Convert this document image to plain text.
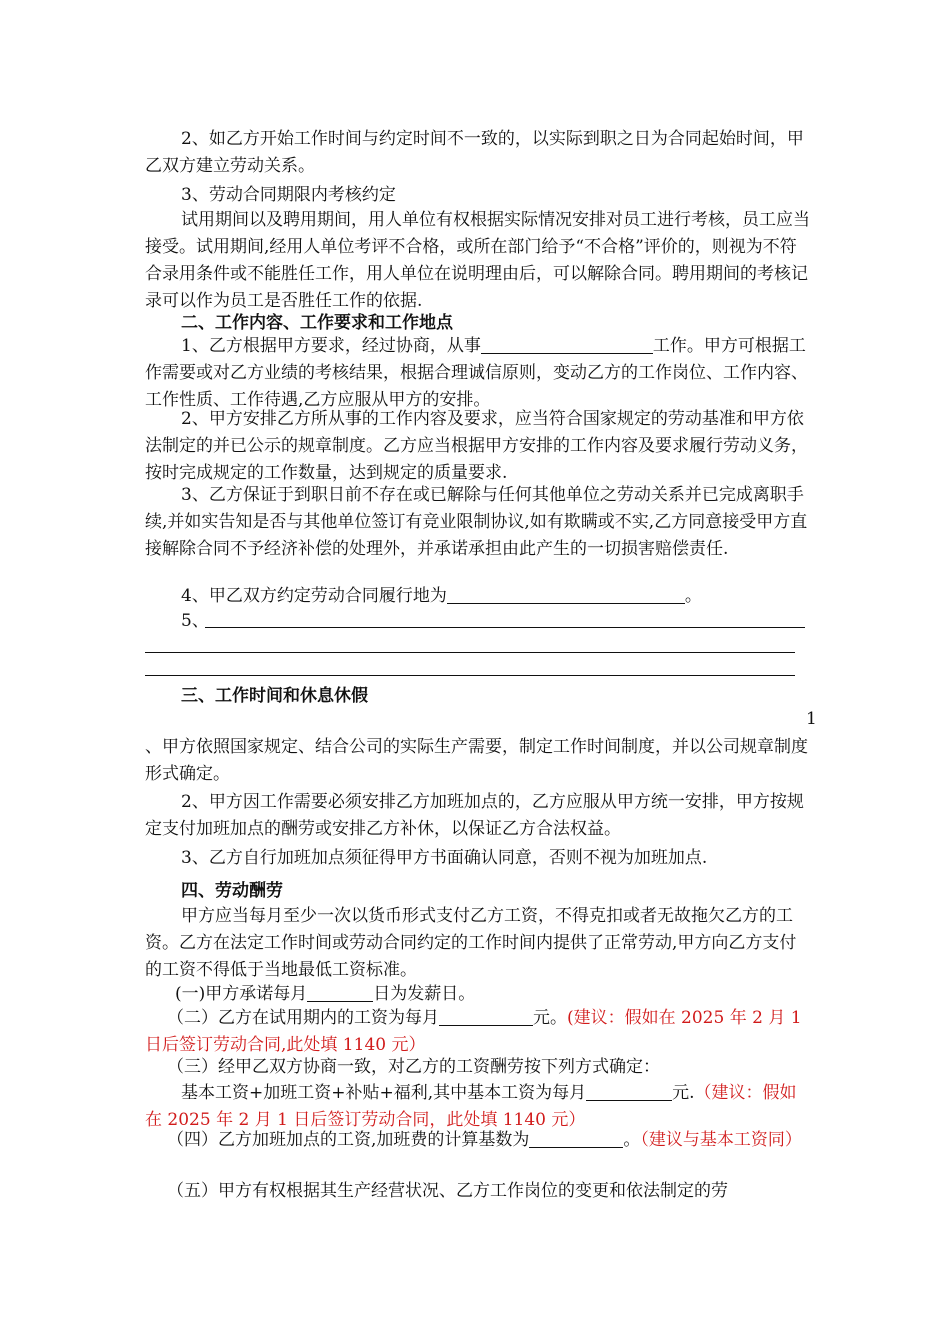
2、如乙方开始工作时间与约定时间不一致的，以实际到职之日为合同起始时间，甲乙双方建立劳动关系。

3、劳动合同期限内考核约定

试用期间以及聘用期间，用人单位有权根据实际情况安排对员工进行考核，员工应当接受。试用期间,经用人单位考评不合格，或所在部门给予“不合格”评价的，则视为不符合录用条件或不能胜任工作，用人单位在说明理由后，可以解除合同。聘用期间的考核记录可以作为员工是否胜任工作的依据.

二、工作内容、工作要求和工作地点

1、乙方根据甲方要求，经过协商，从事	工作。甲方可根据工作需要或对乙方业绩的考核结果，根据合理诚信原则，变动乙方的工作岗位、工作内容、工作性质、工作待遇,乙方应服从甲方的安排。

2、甲方安排乙方所从事的工作内容及要求，应当符合国家规定的劳动基准和甲方依法制定的并已公示的规章制度。乙方应当根据甲方安排的工作内容及要求履行劳动义务，按时完成规定的工作数量，达到规定的质量要求.

3、乙方保证于到职日前不存在或已解除与任何其他单位之劳动关系并已完成离职手续,并如实告知是否与其他单位签订有竞业限制协议,如有欺瞒或不实,乙方同意接受甲方直接解除合同不予经济补偿的处理外，并承诺承担由此产生的一切损害赔偿责任.

4、甲乙双方约定劳动合同履行地为	。

5、

三、工作时间和休息休假

1

、甲方依照国家规定、结合公司的实际生产需要，制定工作时间制度，并以公司规章制度形式确定。

2、甲方因工作需要必须安排乙方加班加点的，乙方应服从甲方统一安排，甲方按规定支付加班加点的酬劳或安排乙方补休，以保证乙方合法权益。

3、乙方自行加班加点须征得甲方书面确认同意，否则不视为加班加点.

四、劳动酬劳

甲方应当每月至少一次以货币形式支付乙方工资，不得克扣或者无故拖欠乙方的工资。乙方在法定工作时间或劳动合同约定的工作时间内提供了正常劳动,甲方向乙方支付的工资不得低于当地最低工资标准。

(一)甲方承诺每月	日为发薪日。

（二）乙方在试用期内的工资为每月	元。(建议：假如在 2025 年 2 月 1 日后签订劳动合同,此处填 1140 元）

（三）经甲乙双方协商一致，对乙方的工资酬劳按下列方式确定：

基本工资+加班工资+补贴+福利,其中基本工资为每月	元.（建议：假如在 2025 年 2 月 1 日后签订劳动合同，此处填 1140 元）

（四）乙方加班加点的工资,加班费的计算基数为	。（建议与基本工资同）

（五）甲方有权根据其生产经营状况、乙方工作岗位的变更和依法制定的劳
